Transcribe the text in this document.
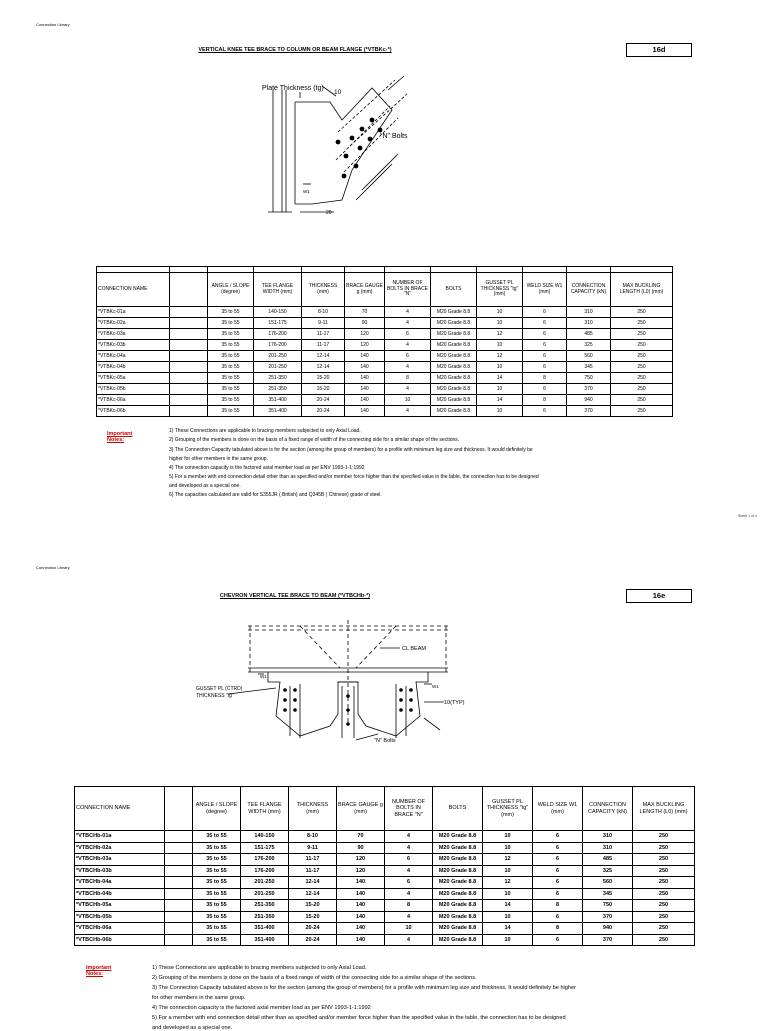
Connection Library
VERTICAL KNEE TEE BRACE TO COLUMN OR BEAM FLANGE (*VTBKc-*)	16d
Plate Thickness (tg)
10
"N" Bolts
W1
20

CONNECTION NAME		ANGLE / SLOPE (degree)	TEE FLANGE WIDTH (mm)	THICKNESS (mm)	BRACE GAUGE g (mm)	NUMBER OF BOLTS IN BRACE "N"	BOLTS	GUSSET PL THICKNESS "tg"(mm)	WELD SIZE W1 (mm)	CONNECTION CAPACITY (kN)	MAX BUCKLING LENGTH (L0) (mm)
*VTBKc-01a		35 to 55	140-150	8-10	70	4	M20 Grade 8.8	10	6	310	250
*VTBKc-02a		35 to 55	151-175	9-11	90	4	M20 Grade 8.8	10	6	310	250
*VTBKc-03a		35 to 55	176-200	11-17	120	6	M20 Grade 8.8	12	6	485	250
*VTBKc-03b		35 to 55	176-200	11-17	120	4	M20 Grade 8.8	10	6	325	250
*VTBKc-04a		35 to 55	201-250	12-14	140	6	M20 Grade 8.8	12	6	560	250
*VTBKc-04b		35 to 55	201-250	12-14	140	4	M20 Grade 8.8	10	6	345	250
*VTBKc-05a		35 to 55	251-350	15-20	140	8	M20 Grade 8.8	14	8	750	250
*VTBKc-05b		35 to 55	251-350	15-20	140	4	M20 Grade 8.8	10	6	370	250
*VTBKc-06a		35 to 55	351-400	20-24	140	10	M20 Grade 8.8	14	8	940	250
*VTBKc-06b		35 to 55	351-400	20-24	140	4	M20 Grade 8.8	10	6	370	250
Important Notes:
1) These Connections are applicable to bracing members subjected to only Axial Load.
2) Grouping of the members is done on the basis of a fixed range of width of the connecting side for a similar shape of the sections.
3) The Connection Capacity tabulated above is for the section (among the group of members) for a profile with minimum leg size and thickness. It would definitely be
higher for other members in the same group.
4) The connection capacity is the factored axial member load as per ENV 1993-1-1:1992
5) For a member with end connection detail other than as specified and/or member force higher than the specified value in the table, the connection has to be designed
and developed as a special one.
6) The capacities calculated are valid for S355JR ( British) and Q345B ( Chinese) grade of steel.
Sheet 1 of 4
Connection Library
CHEVRON VERTICAL TEE BRACE TO BEAM (*VTBCHb-*)	16e
CL BEAM
GUSSET PL (CTRD)
THICKNESS "tg"
10(TYP)
"N" Bolts
W1
W1
CONNECTION NAME		ANGLE / SLOPE (degree)	TEE FLANGE WIDTH (mm)	THICKNESS (mm)	BRACE GAUGE g (mm)	NUMBER OF BOLTS IN BRACE "N"	BOLTS	GUSSET PL THICKNESS "tg"(mm)	WELD SIZE W1 (mm)	CONNECTION CAPACITY (kN)	MAX BUCKLING LENGTH (L0) (mm)
*VTBCHb-01a		35 to 55	140-150	8-10	70	4	M20 Grade 8.8	10	6	310	250
*VTBCHb-02a		35 to 55	151-175	9-11	90	4	M20 Grade 8.8	10	6	310	250
*VTBCHb-03a		35 to 55	176-200	11-17	120	6	M20 Grade 8.8	12	6	485	250
*VTBCHb-03b		35 to 55	176-200	11-17	120	4	M20 Grade 8.8	10	6	325	250
*VTBCHb-04a		35 to 55	201-250	12-14	140	6	M20 Grade 8.8	12	6	560	250
*VTBCHb-04b		35 to 55	201-250	12-14	140	4	M20 Grade 8.8	10	6	345	250
*VTBCHb-05a		35 to 55	251-350	15-20	140	8	M20 Grade 8.8	14	8	750	250
*VTBCHb-05b		35 to 55	251-350	15-20	140	4	M20 Grade 8.8	10	6	370	250
*VTBCHb-06a		35 to 55	351-400	20-24	140	10	M20 Grade 8.8	14	8	940	250
*VTBCHb-06b		35 to 55	351-400	20-24	140	4	M20 Grade 8.8	10	6	370	250
Important Notes:
1) These Connections are applicable to bracing members subjected to only Axial Load.
2) Grouping of the members is done on the basis of a fixed range of width of the connecting side for a similar shape of the sections.
3) The Connection Capacity tabulated above is for the section (among the group of members) for a profile with minimum leg size and thickness. It would definitely be higher
for other members in the same group.
4) The connection capacity is the factored axial member load as per ENV 1993-1-1:1992
5) For a member with end connection detail other than as specified and/or member force higher than the specified value in the table, the connection has to be designed
and developed as a special one.
